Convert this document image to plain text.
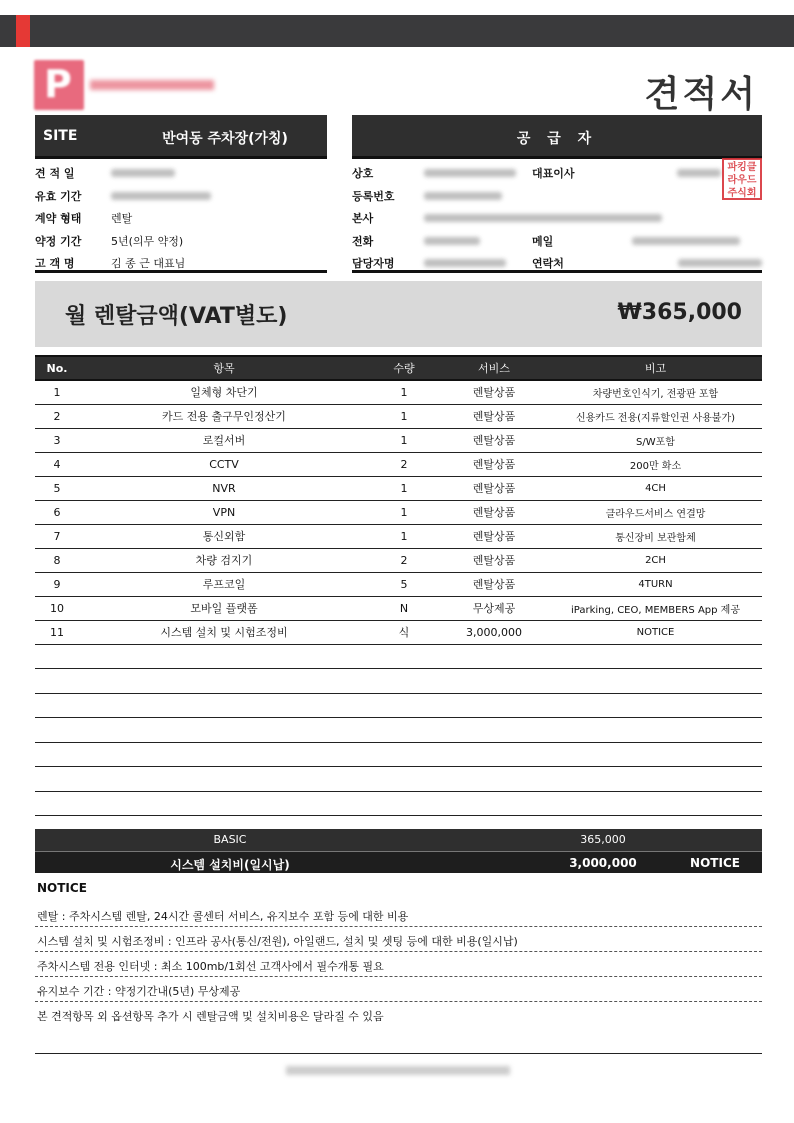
P	견적서
SITE	반여동 주차장(가칭)	공 급 자
견 적 일
유효 기간
계약 형태	렌탈
약정 기간	5년(의무 약정)
고 객 명	김 종 근 대표님
상호	대표이사
등록번호
본사
전화	메일
담당자명	연락처
파킹클
라우드
주식회
월 렌탈금액(VAT별도)	₩365,000
No.	항목	수량	서비스	비고
1	일체형 차단기	1	렌탈상품	차량번호인식기, 전광판 포함
2	카드 전용 출구무인정산기	1	렌탈상품	신용카드 전용(지류할인권 사용불가)
3	로컬서버	1	렌탈상품	S/W포함
4	CCTV	2	렌탈상품	200만 화소
5	NVR	1	렌탈상품	4CH
6	VPN	1	렌탈상품	클라우드서비스 연결망
7	통신외함	1	렌탈상품	통신장비 보관함체
8	차량 검지기	2	렌탈상품	2CH
9	루프코일	5	렌탈상품	4TURN
10	모바일 플랫폼	N	무상제공	iParking, CEO, MEMBERS App 제공
11	시스템 설치 및 시험조정비	식	3,000,000	NOTICE

BASIC	365,000
시스템 설치비(일시납)	3,000,000	NOTICE
NOTICE
렌탈 : 주차시스템 렌탈, 24시간 콜센터 서비스, 유지보수 포함 등에 대한 비용
시스템 설치 및 시험조정비 : 인프라 공사(통신/전원), 아일랜드, 설치 및 셋팅 등에 대한 비용(일시납)
주차시스템 전용 인터넷 : 최소 100mb/1회선 고객사에서 필수개통 필요
유지보수 기간 : 약정기간내(5년) 무상제공
본 견적항목 외 옵션항목 추가 시 렌탈금액 및 설치비용은 달라질 수 있음
